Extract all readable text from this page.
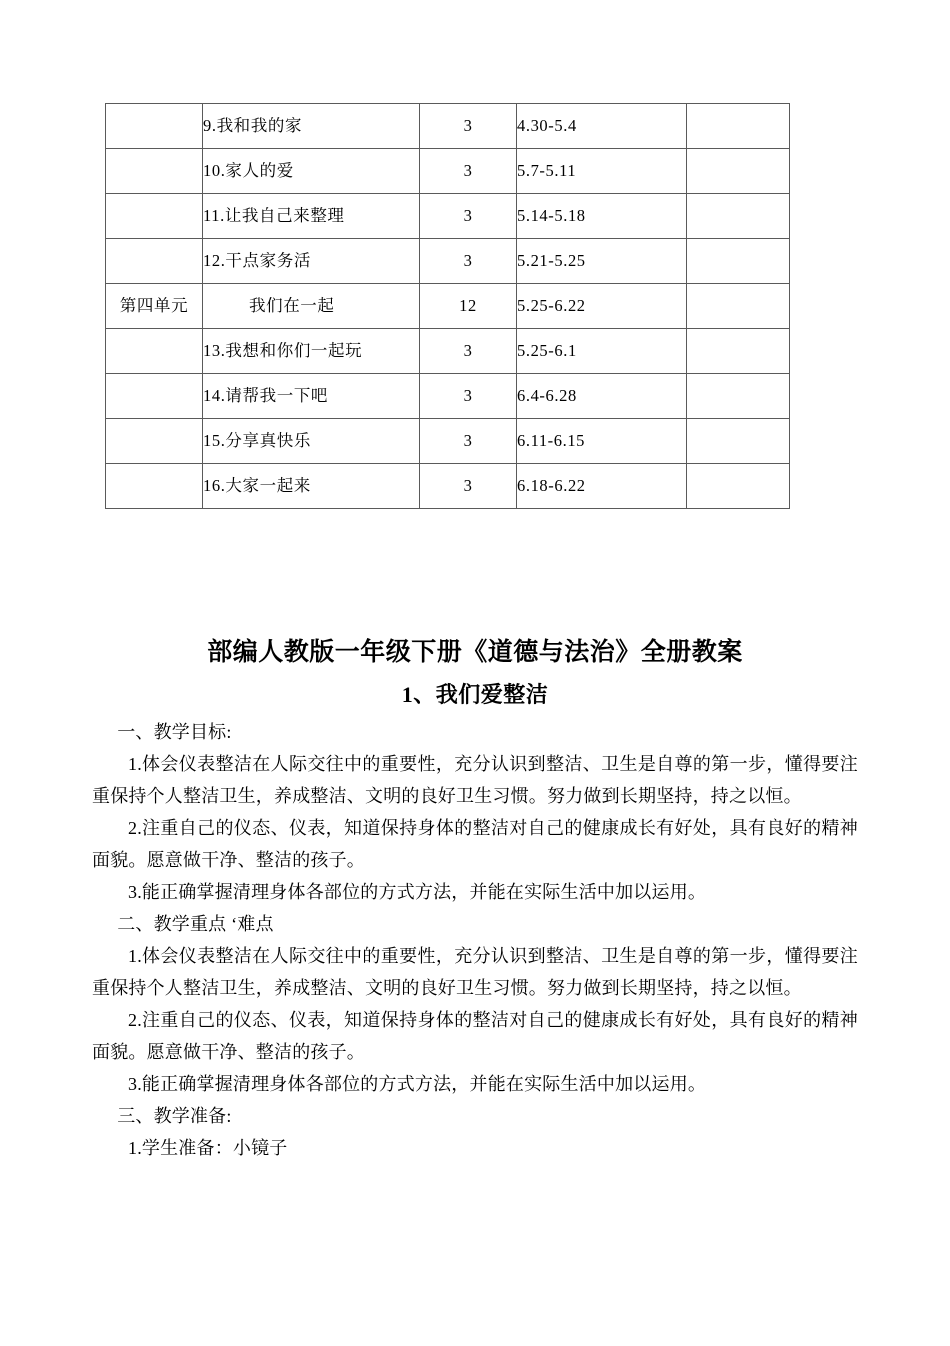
	9.我和我的家	3	4.30-5.4	
	10.家人的爱	3	5.7-5.11	
	11.让我自己来整理	3	5.14-5.18	
	12.干点家务活	3	5.21-5.25	
第四单元	我们在一起	12	5.25-6.22	
	13.我想和你们一起玩	3	5.25-6.1	
	14.请帮我一下吧	3	6.4-6.28	
	15.分享真快乐	3	6.11-6.15	
	16.大家一起来	3	6.18-6.22	
部编人教版一年级下册《道德与法治》全册教案
1、我们爱整洁

一、教学目标:

1.体会仪表整洁在人际交往中的重要性，充分认识到整洁、卫生是自尊的第一步，懂得要注重保持个人整洁卫生，养成整洁、文明的良好卫生习惯。努力做到长期坚持，持之以恒。

2.注重自己的仪态、仪表，知道保持身体的整洁对自己的健康成长有好处，具有良好的精神面貌。愿意做干净、整洁的孩子。

3.能正确掌握清理身体各部位的方式方法，并能在实际生活中加以运用。

二、教学重点 ‘难点

1.体会仪表整洁在人际交往中的重要性，充分认识到整洁、卫生是自尊的第一步，懂得要注重保持个人整洁卫生，养成整洁、文明的良好卫生习惯。努力做到长期坚持，持之以恒。

2.注重自己的仪态、仪表，知道保持身体的整洁对自己的健康成长有好处，具有良好的精神面貌。愿意做干净、整洁的孩子。

3.能正确掌握清理身体各部位的方式方法，并能在实际生活中加以运用。

三、教学准备:

1.学生准备：小镜子
